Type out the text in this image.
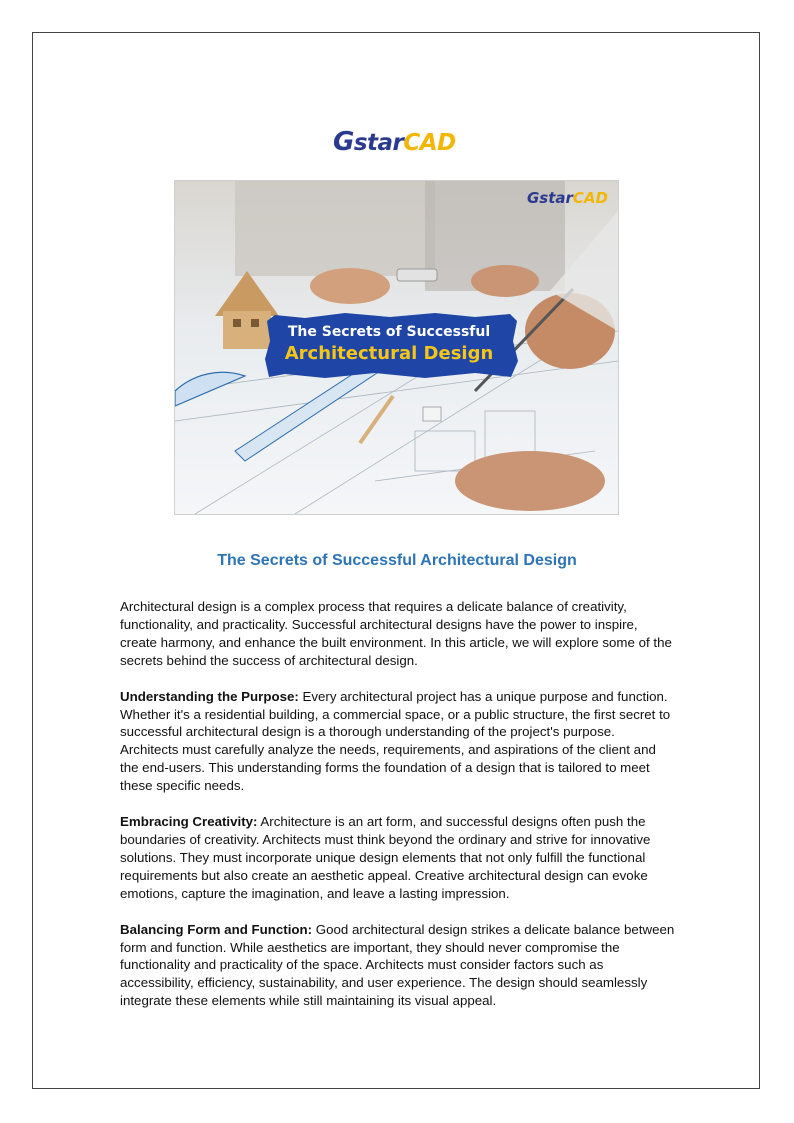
GstarCAD
GstarCAD
The Secrets of Successful
Architectural Design
The Secrets of Successful Architectural Design

Architectural design is a complex process that requires a delicate balance of creativity, functionality, and practicality. Successful architectural designs have the power to inspire, create harmony, and enhance the built environment. In this article, we will explore some of the secrets behind the success of architectural design.

Understanding the Purpose: Every architectural project has a unique purpose and function. Whether it's a residential building, a commercial space, or a public structure, the first secret to successful architectural design is a thorough understanding of the project's purpose. Architects must carefully analyze the needs, requirements, and aspirations of the client and the end-users. This understanding forms the foundation of a design that is tailored to meet these specific needs.

Embracing Creativity: Architecture is an art form, and successful designs often push the boundaries of creativity. Architects must think beyond the ordinary and strive for innovative solutions. They must incorporate unique design elements that not only fulfill the functional requirements but also create an aesthetic appeal. Creative architectural design can evoke emotions, capture the imagination, and leave a lasting impression.

Balancing Form and Function: Good architectural design strikes a delicate balance between form and function. While aesthetics are important, they should never compromise the functionality and practicality of the space. Architects must consider factors such as accessibility, efficiency, sustainability, and user experience. The design should seamlessly integrate these elements while still maintaining its visual appeal.
